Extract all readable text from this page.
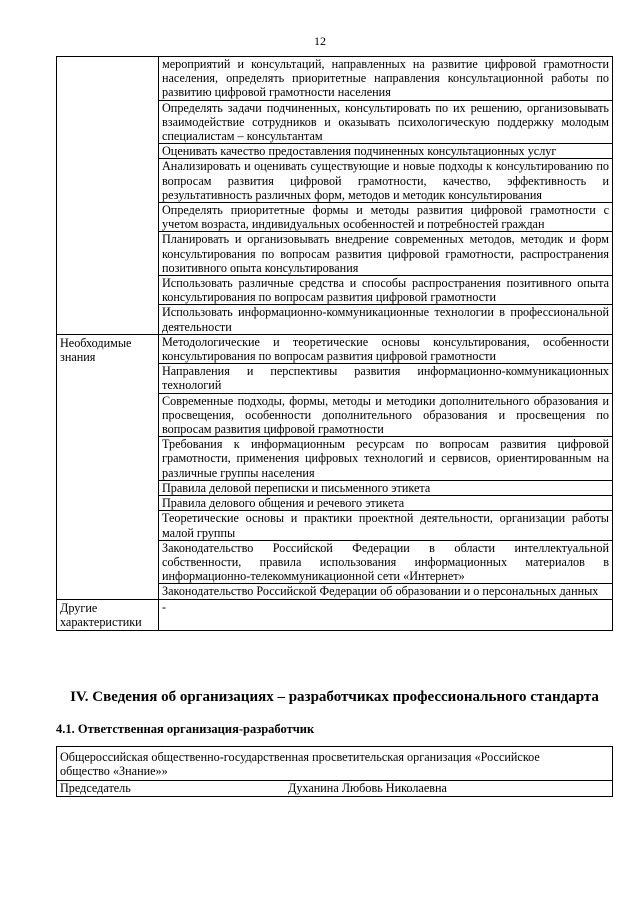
12
	мероприятий и консультаций, направленных на развитие цифровой грамотности населения, определять приоритетные направления консультационной работы по развитию цифровой грамотности населения
	Определять задачи подчиненных, консультировать по их решению, организовывать взаимодействие сотрудников и оказывать психологическую поддержку молодым специалистам – консультантам
	Оценивать качество предоставления подчиненных консультационных услуг
	Анализировать и оценивать существующие и новые подходы к консультированию по вопросам развития цифровой грамотности, качество, эффективность и результативность различных форм, методов и методик консультирования
	Определять приоритетные формы и методы развития цифровой грамотности с учетом возраста, индивидуальных особенностей и потребностей граждан
	Планировать и организовывать внедрение современных методов, методик и форм консультирования по вопросам развития цифровой грамотности, распространения позитивного опыта консультирования
	Использовать различные средства и способы распространения позитивного опыта консультирования по вопросам развития цифровой грамотности
	Использовать информационно-коммуникационные технологии в профессиональной деятельности
Необходимые знания	Методологические и теоретические основы консультирования, особенности консультирования по вопросам развития цифровой грамотности
	Направления и перспективы развития информационно-коммуникационных технологий
	Современные подходы, формы, методы и методики дополнительного образования и просвещения, особенности дополнительного образования и просвещения по вопросам развития цифровой грамотности
	Требования к информационным ресурсам по вопросам развития цифровой грамотности, применения цифровых технологий и сервисов, ориентированным на различные группы населения
	Правила деловой переписки и письменного этикета
	Правила делового общения и речевого этикета
	Теоретические основы и практики проектной деятельности, организации работы малой группы
	Законодательство Российской Федерации в области интеллектуальной собственности, правила использования информационных материалов в информационно-телекоммуникационной сети «Интернет»
	Законодательство Российской Федерации об образовании и о персональных данных
Другие характеристики	-
IV. Сведения об организациях – разработчиках профессионального стандарта
4.1. Ответственная организация-разработчик
Общероссийская общественно-государственная просветительская организация «Российское
общество «Знание»»
Председатель	Духанина Любовь Николаевна
